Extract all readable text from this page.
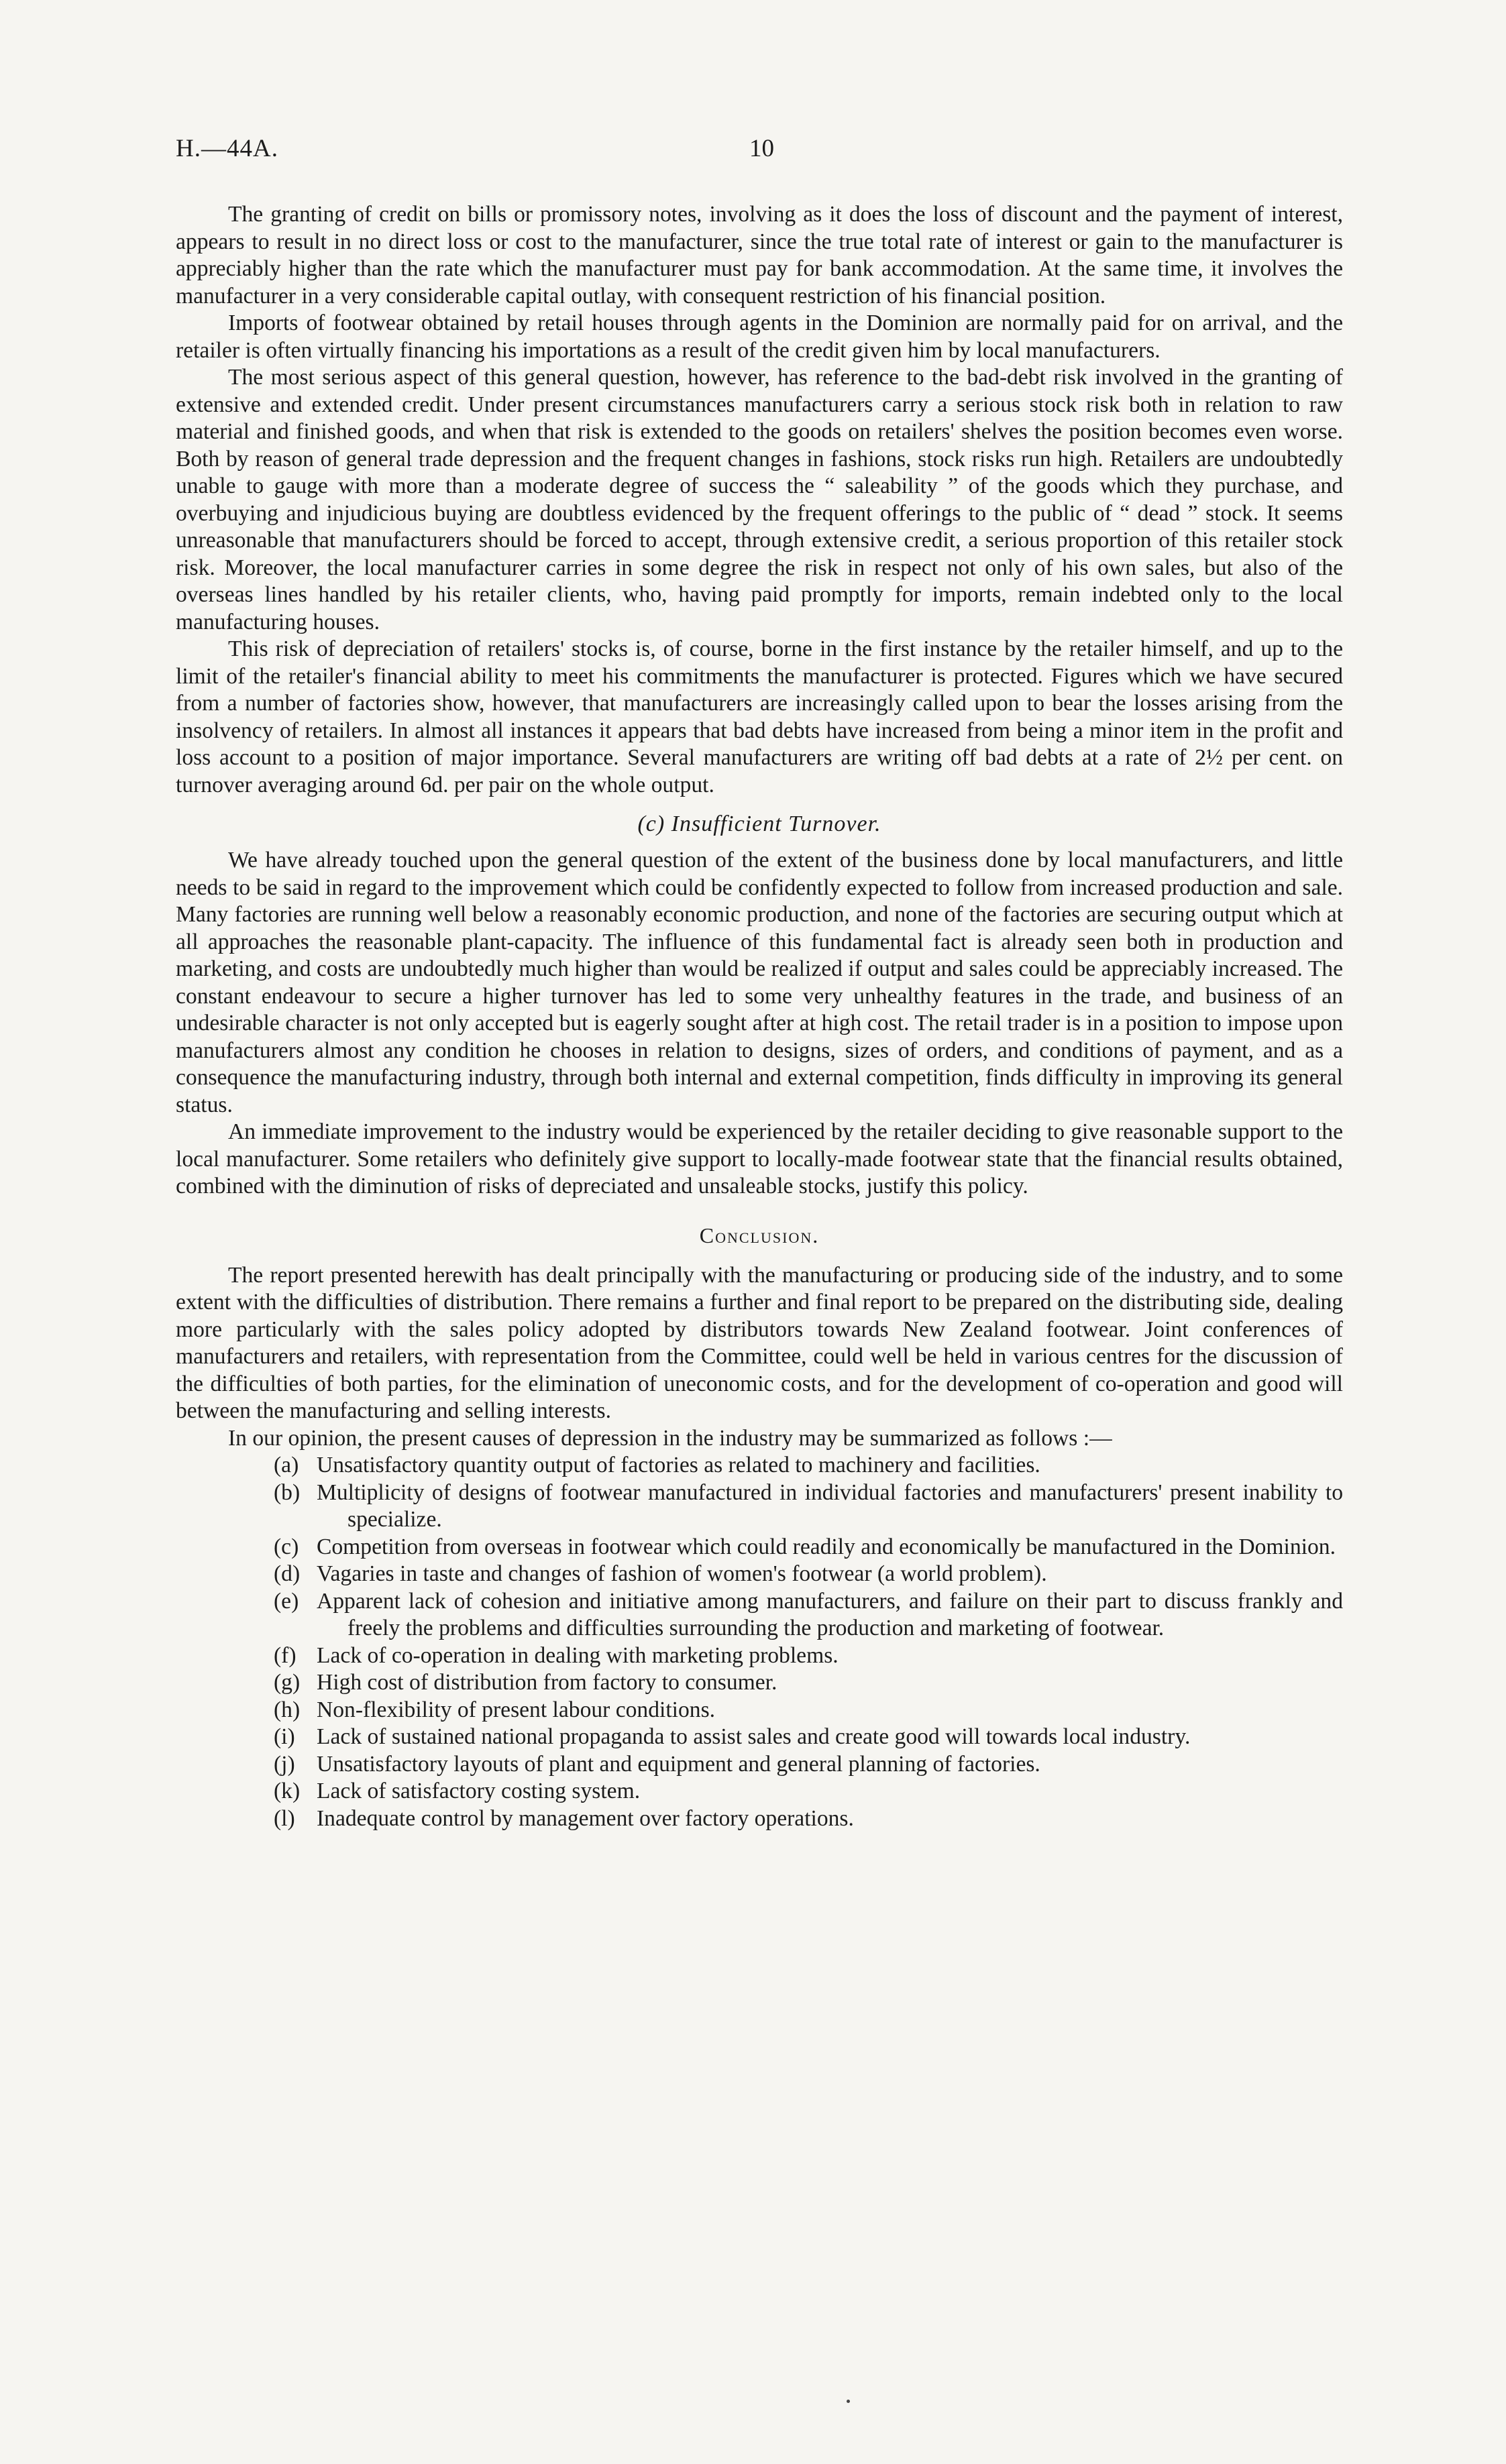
H.—44A.	10

The granting of credit on bills or promissory notes, involving as it does the loss of discount and the payment of interest, appears to result in no direct loss or cost to the manufacturer, since the true total rate of interest or gain to the manufacturer is appreciably higher than the rate which the manufacturer must pay for bank accommodation. At the same time, it involves the manufacturer in a very considerable capital outlay, with consequent restriction of his financial position.

Imports of footwear obtained by retail houses through agents in the Dominion are normally paid for on arrival, and the retailer is often virtually financing his importations as a result of the credit given him by local manufacturers.

The most serious aspect of this general question, however, has reference to the bad-debt risk involved in the granting of extensive and extended credit. Under present circumstances manufacturers carry a serious stock risk both in relation to raw material and finished goods, and when that risk is extended to the goods on retailers' shelves the position becomes even worse. Both by reason of general trade depression and the frequent changes in fashions, stock risks run high. Retailers are undoubtedly unable to gauge with more than a moderate degree of success the “ saleability ” of the goods which they purchase, and overbuying and injudicious buying are doubtless evidenced by the frequent offerings to the public of “ dead ” stock. It seems unreasonable that manufacturers should be forced to accept, through extensive credit, a serious proportion of this retailer stock risk. Moreover, the local manufacturer carries in some degree the risk in respect not only of his own sales, but also of the overseas lines handled by his retailer clients, who, having paid promptly for imports, remain indebted only to the local manufacturing houses.

This risk of depreciation of retailers' stocks is, of course, borne in the first instance by the retailer himself, and up to the limit of the retailer's financial ability to meet his commitments the manufacturer is protected. Figures which we have secured from a number of factories show, however, that manufacturers are increasingly called upon to bear the losses arising from the insolvency of retailers. In almost all instances it appears that bad debts have increased from being a minor item in the profit and loss account to a position of major importance. Several manufacturers are writing off bad debts at a rate of 2½ per cent. on turnover averaging around 6d. per pair on the whole output.

(c) Insufficient Turnover.

We have already touched upon the general question of the extent of the business done by local manufacturers, and little needs to be said in regard to the improvement which could be confidently expected to follow from increased production and sale. Many factories are running well below a reasonably economic production, and none of the factories are securing output which at all approaches the reasonable plant-capacity. The influence of this fundamental fact is already seen both in production and marketing, and costs are undoubtedly much higher than would be realized if output and sales could be appreciably increased. The constant endeavour to secure a higher turnover has led to some very unhealthy features in the trade, and business of an undesirable character is not only accepted but is eagerly sought after at high cost. The retail trader is in a position to impose upon manufacturers almost any condition he chooses in relation to designs, sizes of orders, and conditions of payment, and as a consequence the manufacturing industry, through both internal and external competition, finds difficulty in improving its general status.

An immediate improvement to the industry would be experienced by the retailer deciding to give reasonable support to the local manufacturer. Some retailers who definitely give support to locally-made footwear state that the financial results obtained, combined with the diminution of risks of depreciated and unsaleable stocks, justify this policy.

Conclusion.

The report presented herewith has dealt principally with the manufacturing or producing side of the industry, and to some extent with the difficulties of distribution. There remains a further and final report to be prepared on the distributing side, dealing more particularly with the sales policy adopted by distributors towards New Zealand footwear. Joint conferences of manufacturers and retailers, with representation from the Committee, could well be held in various centres for the discussion of the difficulties of both parties, for the elimination of uneconomic costs, and for the development of co-operation and good will between the manufacturing and selling interests.

In our opinion, the present causes of depression in the industry may be summarized as follows :—

(a) Unsatisfactory quantity output of factories as related to machinery and facilities.
(b) Multiplicity of designs of footwear manufactured in individual factories and manufacturers' present inability to specialize.
(c) Competition from overseas in footwear which could readily and economically be manufactured in the Dominion.
(d) Vagaries in taste and changes of fashion of women's footwear (a world problem).
(e) Apparent lack of cohesion and initiative among manufacturers, and failure on their part to discuss frankly and freely the problems and difficulties surrounding the production and marketing of footwear.
(f) Lack of co-operation in dealing with marketing problems.
(g) High cost of distribution from factory to consumer.
(h) Non-flexibility of present labour conditions.
(i) Lack of sustained national propaganda to assist sales and create good will towards local industry.
(j) Unsatisfactory layouts of plant and equipment and general planning of factories.
(k) Lack of satisfactory costing system.
(l) Inadequate control by management over factory operations.
